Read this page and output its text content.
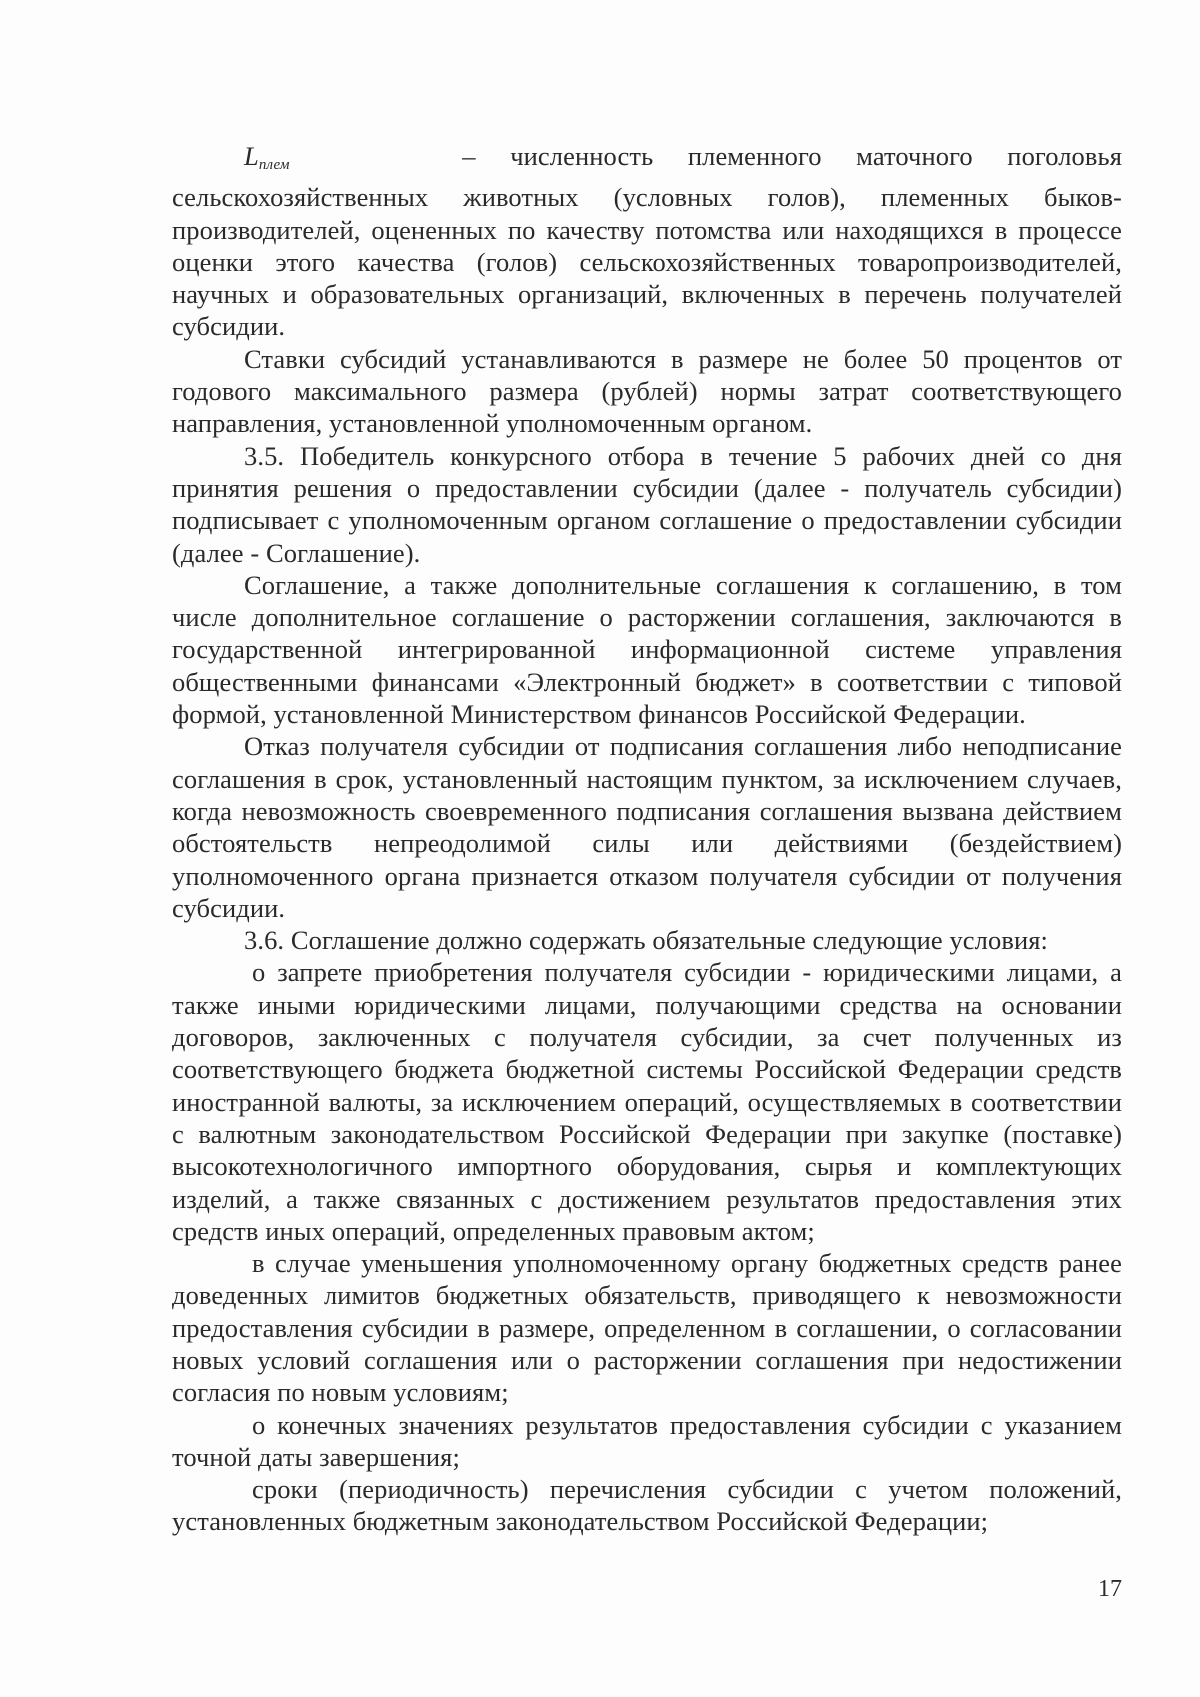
$L_{плем}$	– численность племенного маточного поголовья сельскохозяйственных животных (условных голов), племенных быков-производителей, оцененных по качеству потомства или находящихся в процессе оценки этого качества (голов) сельскохозяйственных товаропроизводителей, научных и образовательных организаций, включенных в перечень получателей субсидии.

Ставки субсидий устанавливаются в размере не более 50 процентов от годового максимального размера (рублей) нормы затрат соответствующего направления, установленной уполномоченным органом.

3.5. Победитель конкурсного отбора в течение 5 рабочих дней со дня принятия решения о предоставлении субсидии (далее - получатель субсидии) подписывает с уполномоченным органом соглашение о предоставлении субсидии (далее - Соглашение).

Соглашение, а также дополнительные соглашения к соглашению, в том числе дополнительное соглашение о расторжении соглашения, заключаются в государственной интегрированной информационной системе управления общественными финансами «Электронный бюджет» в соответствии с типовой формой, установленной Министерством финансов Российской Федерации.

Отказ получателя субсидии от подписания соглашения либо неподписание соглашения в срок, установленный настоящим пунктом, за исключением случаев, когда невозможность своевременного подписания соглашения вызвана действием обстоятельств непреодолимой силы или действиями (бездействием) уполномоченного органа признается отказом получателя субсидии от получения субсидии.

3.6. Соглашение должно содержать обязательные следующие условия:

о запрете приобретения получателя субсидии - юридическими лицами, а также иными юридическими лицами, получающими средства на основании договоров, заключенных с получателя субсидии, за счет полученных из соответствующего бюджета бюджетной системы Российской Федерации средств иностранной валюты, за исключением операций, осуществляемых в соответствии с валютным законодательством Российской Федерации при закупке (поставке) высокотехнологичного импортного оборудования, сырья и комплектующих изделий, а также связанных с достижением результатов предоставления этих средств иных операций, определенных правовым актом;

в случае уменьшения уполномоченному органу бюджетных средств ранее доведенных лимитов бюджетных обязательств, приводящего к невозможности предоставления субсидии в размере, определенном в соглашении, о согласовании новых условий соглашения или о расторжении соглашения при недостижении согласия по новым условиям;

о конечных значениях результатов предоставления субсидии с указанием точной даты завершения;

сроки (периодичность) перечисления субсидии с учетом положений, установленных бюджетным законодательством Российской Федерации;

17
